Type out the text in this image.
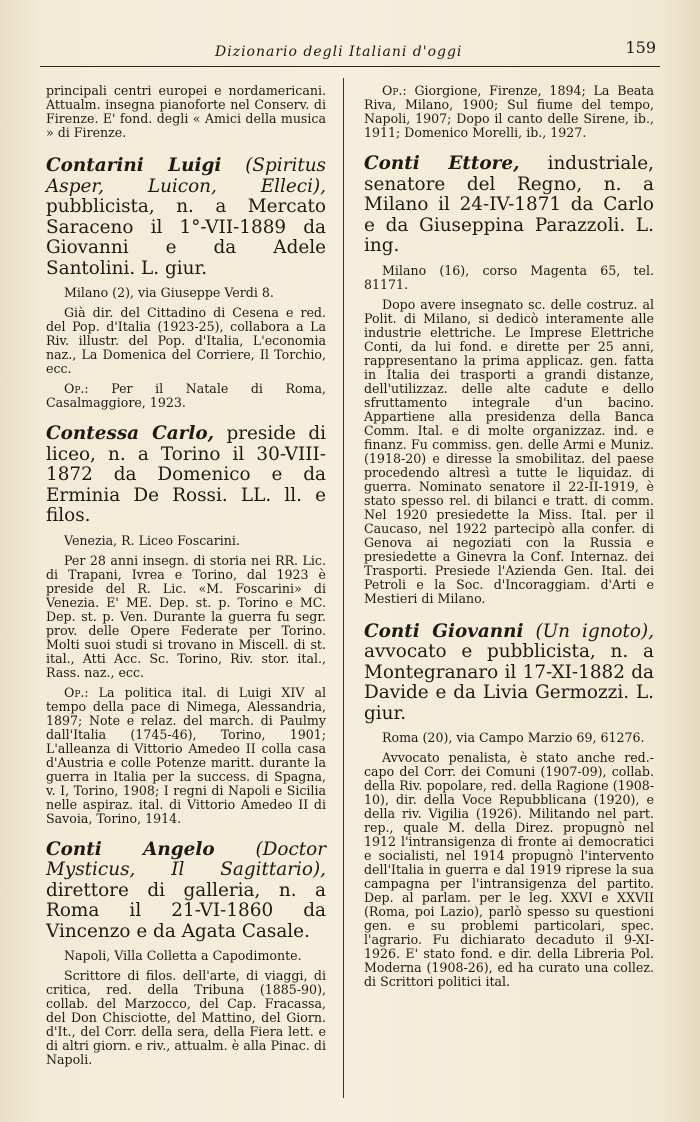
Dizionario degli Italiani d'oggi	159

principali centri europei e nordamericani. Attualm. insegna pianoforte nel Conserv. di Firenze. E' fond. degli « Amici della musica » di Firenze.

Contarini Luigi (Spiritus Asper, Luicon, Elleci), pubblicista, n. a Mercato Saraceno il 1°-VII-1889 da Giovanni e da Adele Santolini. L. giur.

Milano (2), via Giuseppe Verdi 8.

Già dir. del Cittadino di Cesena e red. del Pop. d'Italia (1923-25), collabora a La Riv. illustr. del Pop. d'Italia, L'economia naz., La Domenica del Corriere, Il Torchio, ecc.

Op.: Per il Natale di Roma, Casalmaggiore, 1923.

Contessa Carlo, preside di liceo, n. a Torino il 30-VIII-1872 da Domenico e da Erminia De Rossi. LL. ll. e filos.

Venezia, R. Liceo Foscarini.

Per 28 anni insegn. di storia nei RR. Lic. di Trapani, Ivrea e Torino, dal 1923 è preside del R. Lic. «M. Foscarini» di Venezia. E' ME. Dep. st. p. Torino e MC. Dep. st. p. Ven. Durante la guerra fu segr. prov. delle Opere Federate per Torino. Molti suoi studi si trovano in Miscell. di st. ital., Atti Acc. Sc. Torino, Riv. stor. ital., Rass. naz., ecc.

Op.: La politica ital. di Luigi XIV al tempo della pace di Nimega, Alessandria, 1897; Note e relaz. del march. di Paulmy dall'Italia (1745-46), Torino, 1901; L'alleanza di Vittorio Amedeo II colla casa d'Austria e colle Potenze maritt. durante la guerra in Italia per la success. di Spagna, v. I, Torino, 1908; I regni di Napoli e Sicilia nelle aspiraz. ital. di Vittorio Amedeo II di Savoia, Torino, 1914.

Conti Angelo (Doctor Mysticus, Il Sagittario), direttore di galleria, n. a Roma il 21-VI-1860 da Vincenzo e da Agata Casale.

Napoli, Villa Colletta a Capodimonte.

Scrittore di filos. dell'arte, di viaggi, di critica, red. della Tribuna (1885-90), collab. del Marzocco, del Cap. Fracassa, del Don Chisciotte, del Mattino, del Giorn. d'It., del Corr. della sera, della Fiera lett. e di altri giorn. e riv., attualm. è alla Pinac. di Napoli.

Op.: Giorgione, Firenze, 1894; La Beata Riva, Milano, 1900; Sul fiume del tempo, Napoli, 1907; Dopo il canto delle Sirene, ib., 1911; Domenico Morelli, ib., 1927.

Conti Ettore, industriale, senatore del Regno, n. a Milano il 24-IV-1871 da Carlo e da Giuseppina Parazzoli. L. ing.

Milano (16), corso Magenta 65, tel. 81171.

Dopo avere insegnato sc. delle costruz. al Polit. di Milano, si dedicò interamente alle industrie elettriche. Le Imprese Elettriche Conti, da lui fond. e dirette per 25 anni, rappresentano la prima applicaz. gen. fatta in Italia dei trasporti a grandi distanze, dell'utilizzaz. delle alte cadute e dello sfruttamento integrale d'un bacino. Appartiene alla presidenza della Banca Comm. Ital. e di molte organizzaz. ind. e finanz. Fu commiss. gen. delle Armi e Muniz. (1918-20) e diresse la smobilitaz. del paese procedendo altresì a tutte le liquidaz. di guerra. Nominato senatore il 22-II-1919, è stato spesso rel. di bilanci e tratt. di comm. Nel 1920 presiedette la Miss. Ital. per il Caucaso, nel 1922 partecipò alla confer. di Genova ai negoziati con la Russia e presiedette a Ginevra la Conf. Internaz. dei Trasporti. Presiede l'Azienda Gen. Ital. dei Petroli e la Soc. d'Incoraggiam. d'Arti e Mestieri di Milano.

Conti Giovanni (Un ignoto), avvocato e pubblicista, n. a Montegranaro il 17-XI-1882 da Davide e da Livia Germozzi. L. giur.

Roma (20), via Campo Marzio 69, 61276.

Avvocato penalista, è stato anche red.-capo del Corr. dei Comuni (1907-09), collab. della Riv. popolare, red. della Ragione (1908-10), dir. della Voce Repubblicana (1920), e della riv. Vigilia (1926). Militando nel part. rep., quale M. della Direz. propugnò nel 1912 l'intransigenza di fronte ai democratici e socialisti, nel 1914 propugnò l'intervento dell'Italia in guerra e dal 1919 riprese la sua campagna per l'intransigenza del partito. Dep. al parlam. per le leg. XXVI e XXVII (Roma, poi Lazio), parlò spesso su questioni gen. e su problemi particolari, spec. l'agrario. Fu dichiarato decaduto il 9-XI-1926. E' stato fond. e dir. della Libreria Pol. Moderna (1908-26), ed ha curato una collez. di Scrittori politici ital.
